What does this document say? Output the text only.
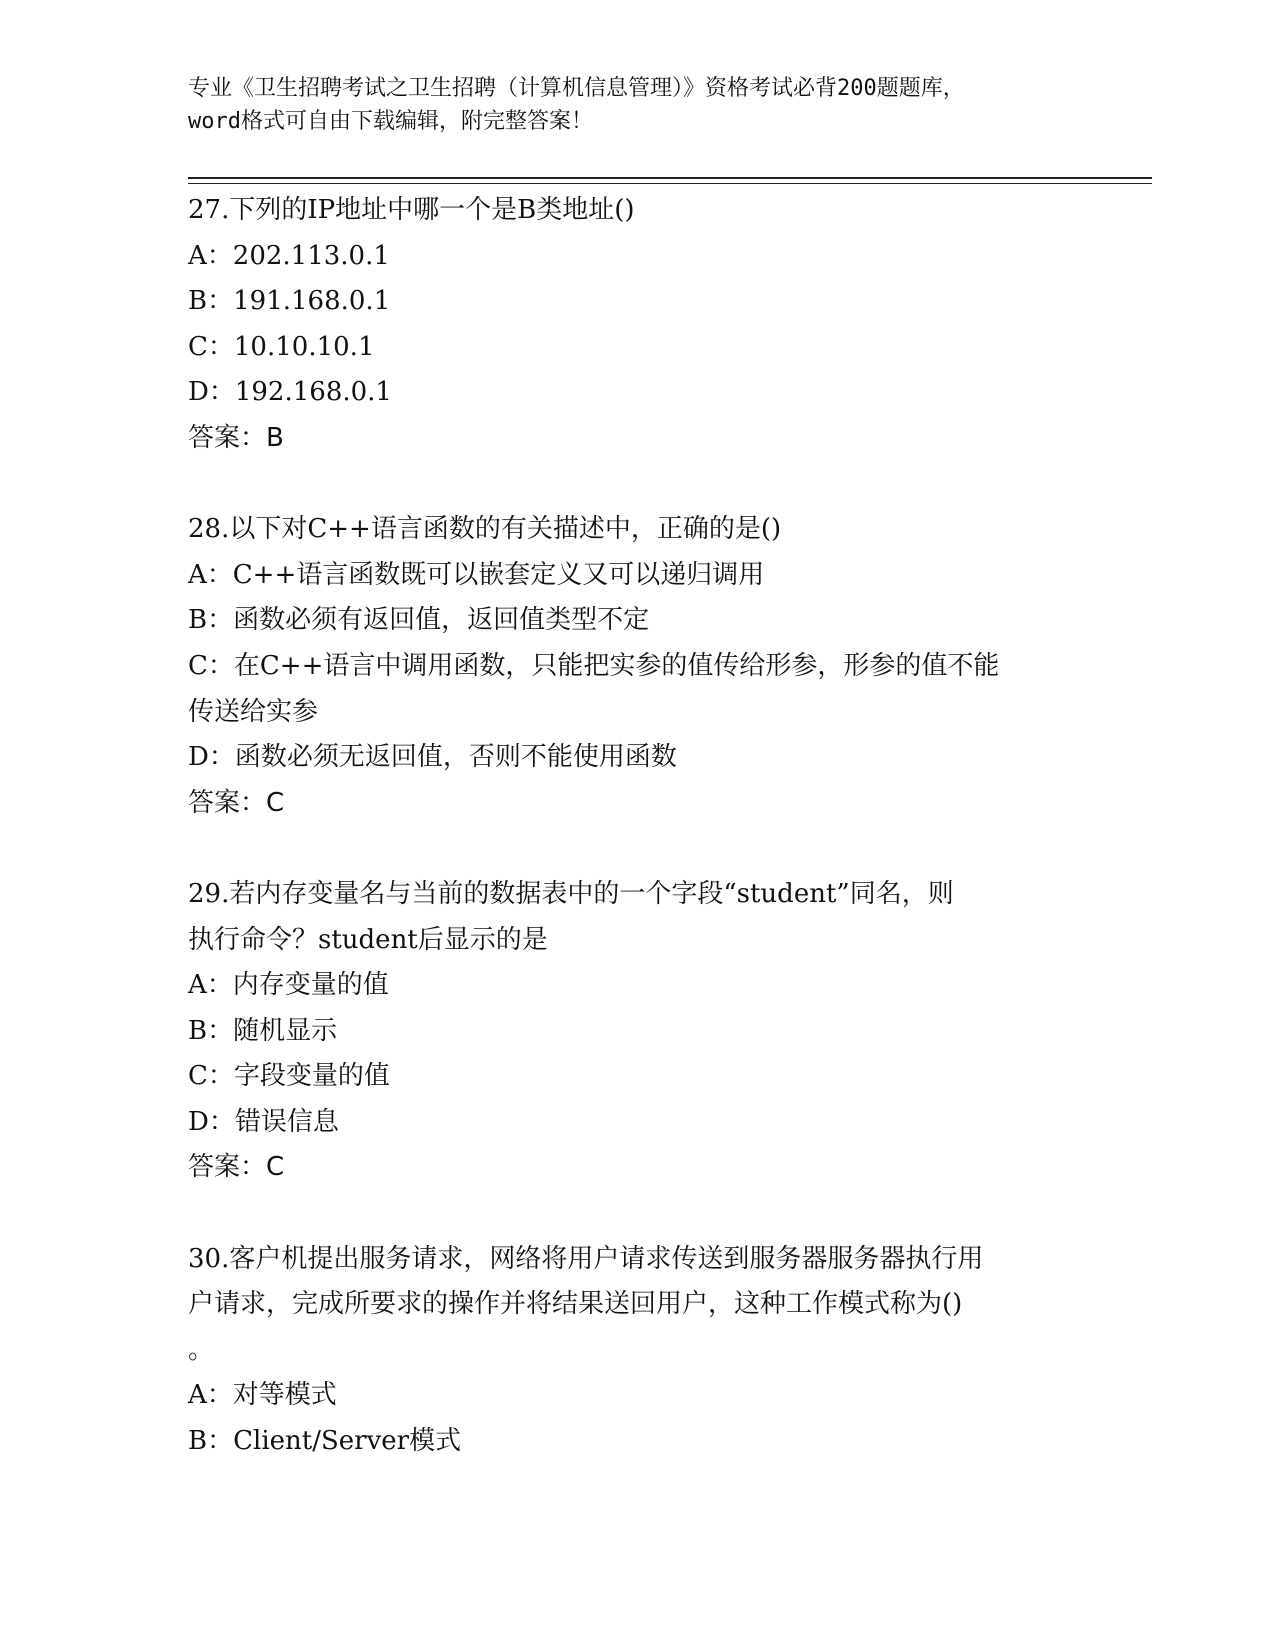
专业《卫生招聘考试之卫生招聘（计算机信息管理）》资格考试必背200题题库，
word格式可自由下载编辑，附完整答案！
27.下列的IP地址中哪一个是B类地址()
A：202.113.0.1
B：191.168.0.1
C：10.10.10.1
D：192.168.0.1
答案：B
28.以下对C++语言函数的有关描述中，正确的是()
A：C++语言函数既可以嵌套定义又可以递归调用
B：函数必须有返回值，返回值类型不定
C：在C++语言中调用函数，只能把实参的值传给形参，形参的值不能
传送给实参
D：函数必须无返回值，否则不能使用函数
答案：C
29.若内存变量名与当前的数据表中的一个字段“student”同名，则
执行命令？student后显示的是
A：内存变量的值
B：随机显示
C：字段变量的值
D：错误信息
答案：C
30.客户机提出服务请求，网络将用户请求传送到服务器服务器执行用
户请求，完成所要求的操作并将结果送回用户，这种工作模式称为()
。
A：对等模式
B：Client/Server模式
